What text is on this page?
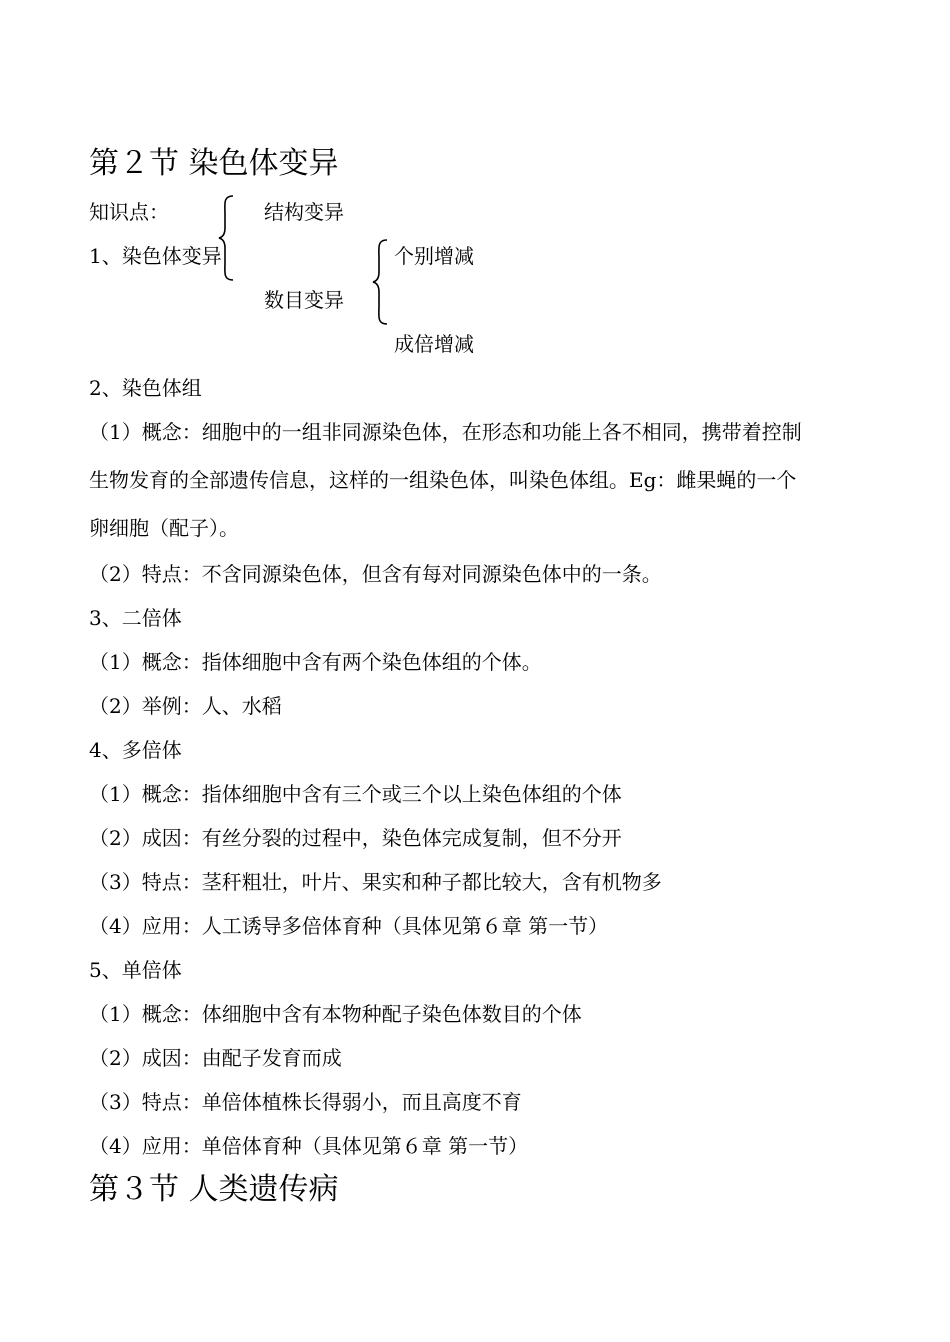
第２节 染色体变异
知识点：
1、染色体变异
结构变异
数目变异
个别增减
成倍增减
2、染色体组
（1）概念：细胞中的一组非同源染色体，在形态和功能上各不相同，携带着控制
生物发育的全部遗传信息，这样的一组染色体，叫染色体组。Eg：雌果蝇的一个
卵细胞（配子）。
（2）特点：不含同源染色体，但含有每对同源染色体中的一条。
3、二倍体
（1）概念：指体细胞中含有两个染色体组的个体。
（2）举例：人、水稻
4、多倍体
（1）概念：指体细胞中含有三个或三个以上染色体组的个体
（2）成因：有丝分裂的过程中，染色体完成复制，但不分开
（3）特点：茎秆粗壮，叶片、果实和种子都比较大，含有机物多
（4）应用：人工诱导多倍体育种（具体见第６章 第一节）
5、单倍体
（1）概念：体细胞中含有本物种配子染色体数目的个体
（2）成因：由配子发育而成
（3）特点：单倍体植株长得弱小，而且高度不育
（4）应用：单倍体育种（具体见第６章 第一节）
第３节 人类遗传病
